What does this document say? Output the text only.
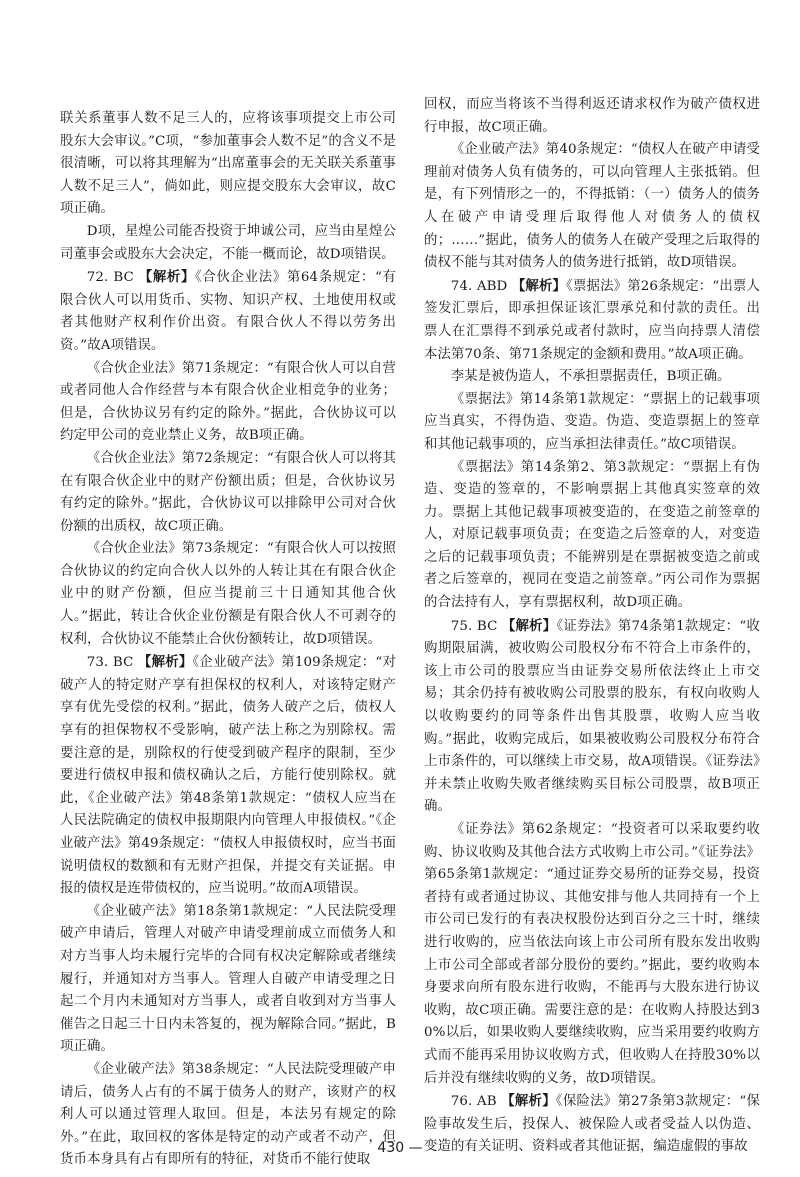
联关系董事人数不足三人的，应将该事项提交上市公司股东大会审议。”C项，“参加董事会人数不足”的含义不是很清晰，可以将其理解为“出席董事会的无关联关系董事人数不足三人”，倘如此，则应提交股东大会审议，故C项正确。

D项，星煌公司能否投资于坤诚公司，应当由星煌公司董事会或股东大会决定，不能一概而论，故D项错误。

72. BC 【解析】《合伙企业法》第64条规定：“有限合伙人可以用货币、实物、知识产权、土地使用权或者其他财产权利作价出资。有限合伙人不得以劳务出资。”故A项错误。

《合伙企业法》第71条规定：“有限合伙人可以自营或者同他人合作经营与本有限合伙企业相竞争的业务；但是，合伙协议另有约定的除外。”据此，合伙协议可以约定甲公司的竞业禁止义务，故B项正确。

《合伙企业法》第72条规定：“有限合伙人可以将其在有限合伙企业中的财产份额出质；但是，合伙协议另有约定的除外。”据此，合伙协议可以排除甲公司对合伙份额的出质权，故C项正确。

《合伙企业法》第73条规定：“有限合伙人可以按照合伙协议的约定向合伙人以外的人转让其在有限合伙企业中的财产份额，但应当提前三十日通知其他合伙人。”据此，转让合伙企业份额是有限合伙人不可剥夺的权利，合伙协议不能禁止合伙份额转让，故D项错误。

73. BC 【解析】《企业破产法》第109条规定：“对破产人的特定财产享有担保权的权利人，对该特定财产享有优先受偿的权利。”据此，债务人破产之后，债权人享有的担保物权不受影响，破产法上称之为别除权。需要注意的是，别除权的行使受到破产程序的限制，至少要进行债权申报和债权确认之后，方能行使别除权。就此，《企业破产法》第48条第1款规定：“债权人应当在人民法院确定的债权申报期限内向管理人申报债权。”《企业破产法》第49条规定：“债权人申报债权时，应当书面说明债权的数额和有无财产担保，并提交有关证据。申报的债权是连带债权的，应当说明。”故而A项错误。

《企业破产法》第18条第1款规定：“人民法院受理破产申请后，管理人对破产申请受理前成立而债务人和对方当事人均未履行完毕的合同有权决定解除或者继续履行，并通知对方当事人。管理人自破产申请受理之日起二个月内未通知对方当事人，或者自收到对方当事人催告之日起三十日内未答复的，视为解除合同。”据此，B项正确。

《企业破产法》第38条规定：“人民法院受理破产申请后，债务人占有的不属于债务人的财产，该财产的权利人可以通过管理人取回。但是，本法另有规定的除外。”在此，取回权的客体是特定的动产或者不动产，但货币本身具有占有即所有的特征，对货币不能行使取

回权，而应当将该不当得利返还请求权作为破产债权进行申报，故C项正确。

《企业破产法》第40条规定：“债权人在破产申请受理前对债务人负有债务的，可以向管理人主张抵销。但是，有下列情形之一的，不得抵销：（一）债务人的债务人在破产申请受理后取得他人对债务人的债权的；……”据此，债务人的债务人在破产受理之后取得的债权不能与其对债务人的债务进行抵销，故D项错误。

74. ABD 【解析】《票据法》第26条规定：“出票人签发汇票后，即承担保证该汇票承兑和付款的责任。出票人在汇票得不到承兑或者付款时，应当向持票人清偿本法第70条、第71条规定的金额和费用。”故A项正确。

李某是被伪造人，不承担票据责任，B项正确。

《票据法》第14条第1款规定：“票据上的记载事项应当真实，不得伪造、变造。伪造、变造票据上的签章和其他记载事项的，应当承担法律责任。”故C项错误。

《票据法》第14条第2、第3款规定：“票据上有伪造、变造的签章的，不影响票据上其他真实签章的效力。票据上其他记载事项被变造的，在变造之前签章的人，对原记载事项负责；在变造之后签章的人，对变造之后的记载事项负责；不能辨别是在票据被变造之前或者之后签章的，视同在变造之前签章。”丙公司作为票据的合法持有人，享有票据权利，故D项正确。

75. BC 【解析】《证券法》第74条第1款规定：“收购期限届满，被收购公司股权分布不符合上市条件的，该上市公司的股票应当由证券交易所依法终止上市交易；其余仍持有被收购公司股票的股东，有权向收购人以收购要约的同等条件出售其股票，收购人应当收购。”据此，收购完成后，如果被收购公司股权分布符合上市条件的，可以继续上市交易，故A项错误。《证券法》并未禁止收购失败者继续购买目标公司股票，故B项正确。

《证券法》第62条规定：“投资者可以采取要约收购、协议收购及其他合法方式收购上市公司。”《证券法》第65条第1款规定：“通过证券交易所的证券交易，投资者持有或者通过协议、其他安排与他人共同持有一个上市公司已发行的有表决权股份达到百分之三十时，继续进行收购的，应当依法向该上市公司所有股东发出收购上市公司全部或者部分股份的要约。”据此，要约收购本身要求向所有股东进行收购，不能再与大股东进行协议收购，故C项正确。需要注意的是：在收购人持股达到30%以后，如果收购人要继续收购，应当采用要约收购方式而不能再采用协议收购方式，但收购人在持股30%以后并没有继续收购的义务，故D项错误。

76. AB 【解析】《保险法》第27条第3款规定：“保险事故发生后，投保人、被保险人或者受益人以伪造、变造的有关证明、资料或者其他证据，编造虚假的事故

430 —
